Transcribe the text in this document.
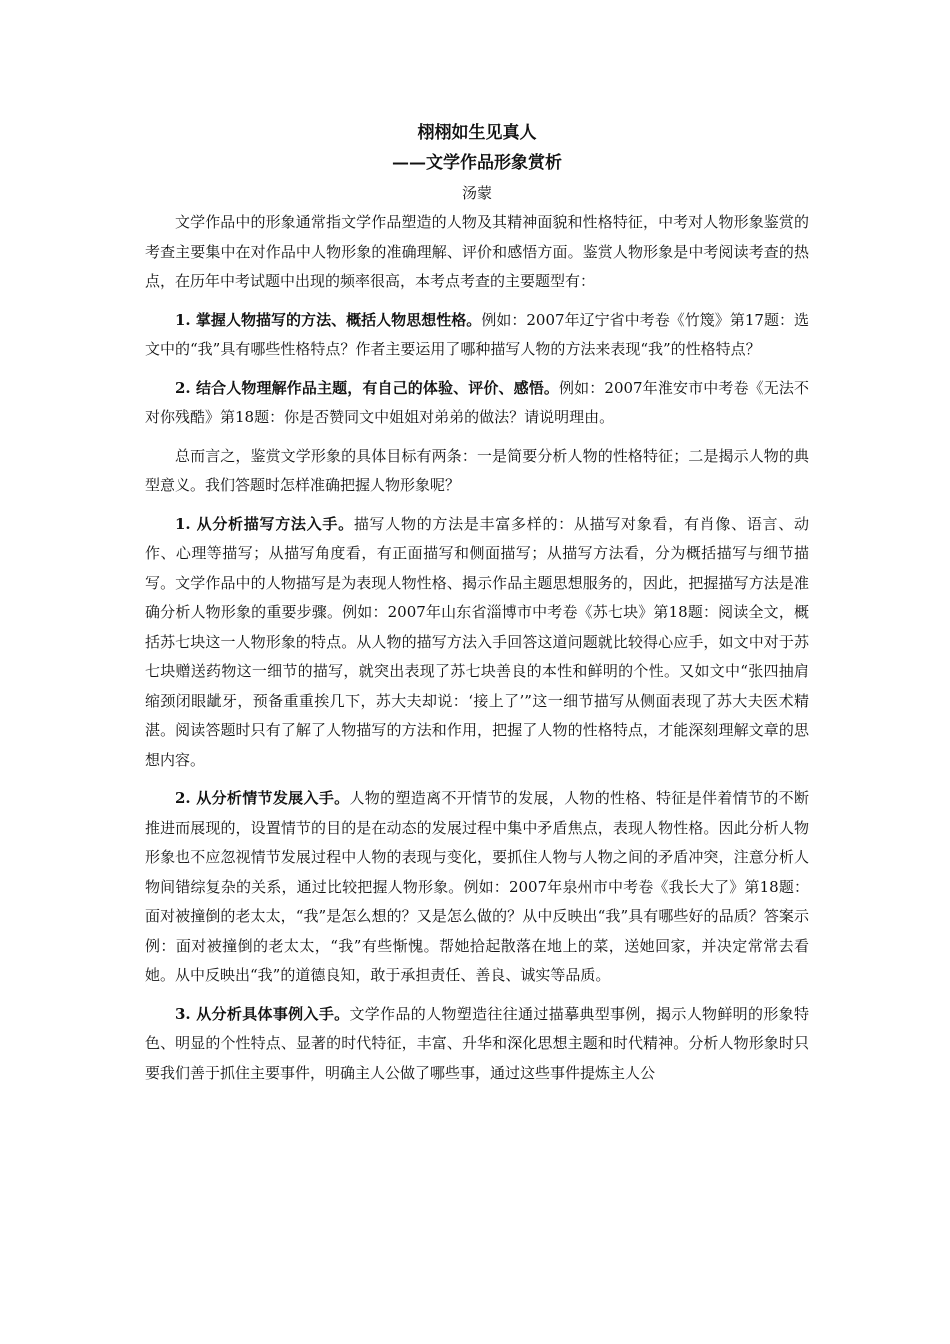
栩栩如生见真人

——文学作品形象赏析

汤蒙

文学作品中的形象通常指文学作品塑造的人物及其精神面貌和性格特征，中考对人物形象鉴赏的考查主要集中在对作品中人物形象的准确理解、评价和感悟方面。鉴赏人物形象是中考阅读考查的热点，在历年中考试题中出现的频率很高，本考点考查的主要题型有：

1. 掌握人物描写的方法、概括人物思想性格。例如：2007年辽宁省中考卷《竹篾》第17题：选文中的“我”具有哪些性格特点？作者主要运用了哪种描写人物的方法来表现“我”的性格特点？

2. 结合人物理解作品主题，有自己的体验、评价、感悟。例如：2007年淮安市中考卷《无法不对你残酷》第18题：你是否赞同文中姐姐对弟弟的做法？请说明理由。

总而言之，鉴赏文学形象的具体目标有两条：一是简要分析人物的性格特征；二是揭示人物的典型意义。我们答题时怎样准确把握人物形象呢？

1. 从分析描写方法入手。描写人物的方法是丰富多样的：从描写对象看，有肖像、语言、动作、心理等描写；从描写角度看，有正面描写和侧面描写；从描写方法看，分为概括描写与细节描写。文学作品中的人物描写是为表现人物性格、揭示作品主题思想服务的，因此，把握描写方法是准确分析人物形象的重要步骤。例如：2007年山东省淄博市中考卷《苏七块》第18题：阅读全文，概括苏七块这一人物形象的特点。从人物的描写方法入手回答这道问题就比较得心应手，如文中对于苏七块赠送药物这一细节的描写，就突出表现了苏七块善良的本性和鲜明的个性。又如文中“张四抽肩缩颈闭眼龇牙，预备重重挨几下，苏大夫却说：‘接上了’”这一细节描写从侧面表现了苏大夫医术精湛。阅读答题时只有了解了人物描写的方法和作用，把握了人物的性格特点，才能深刻理解文章的思想内容。

2. 从分析情节发展入手。人物的塑造离不开情节的发展，人物的性格、特征是伴着情节的不断推进而展现的，设置情节的目的是在动态的发展过程中集中矛盾焦点，表现人物性格。因此分析人物形象也不应忽视情节发展过程中人物的表现与变化，要抓住人物与人物之间的矛盾冲突，注意分析人物间错综复杂的关系，通过比较把握人物形象。例如：2007年泉州市中考卷《我长大了》第18题：面对被撞倒的老太太，“我”是怎么想的？又是怎么做的？从中反映出“我”具有哪些好的品质？答案示例：面对被撞倒的老太太，“我”有些惭愧。帮她拾起散落在地上的菜，送她回家，并决定常常去看她。从中反映出“我”的道德良知，敢于承担责任、善良、诚实等品质。

3. 从分析具体事例入手。文学作品的人物塑造往往通过描摹典型事例，揭示人物鲜明的形象特色、明显的个性特点、显著的时代特征，丰富、升华和深化思想主题和时代精神。分析人物形象时只要我们善于抓住主要事件，明确主人公做了哪些事，通过这些事件提炼主人公
